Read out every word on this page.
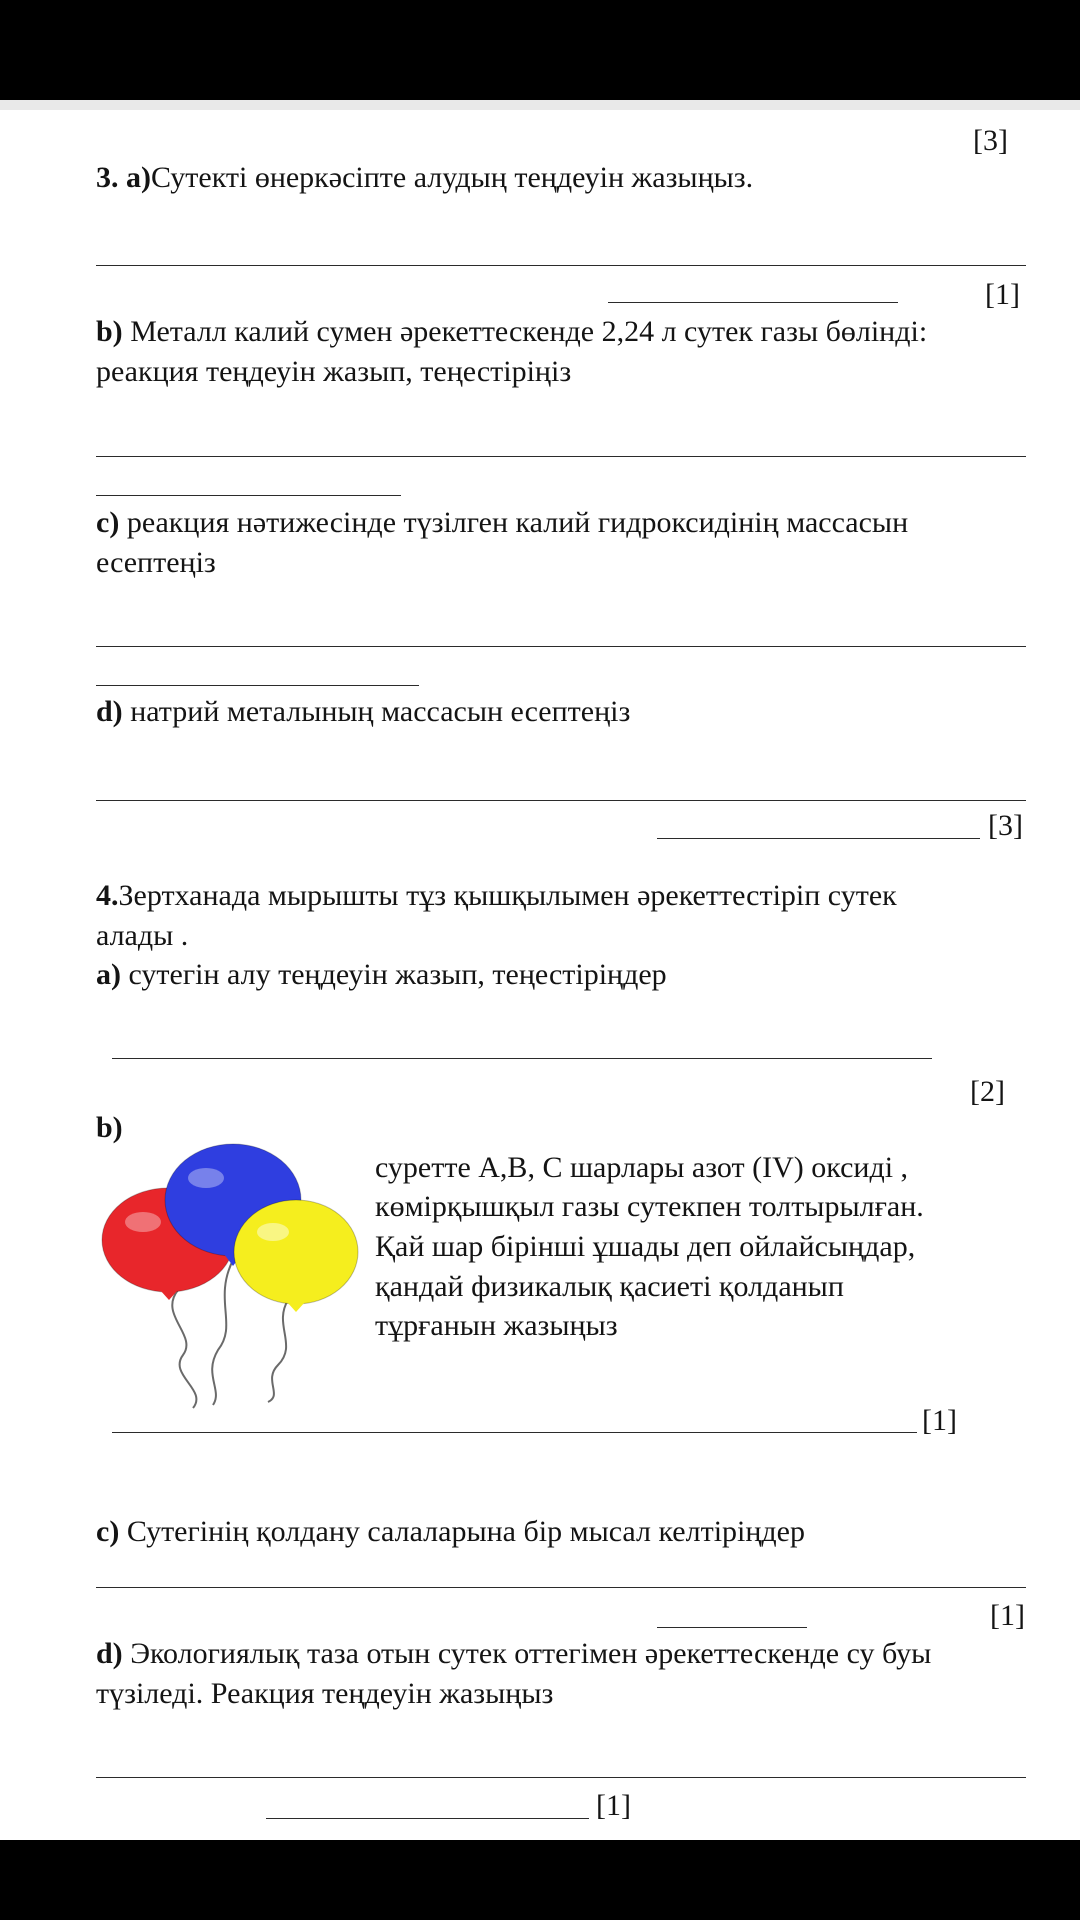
[3]

3. а)Сутекті өнеркәсіпте алудың теңдеуін жазыңыз.

[1]

b) Металл калий сумен әрекеттескенде 2,24 л сутек газы бөлінді:

реакция теңдеуін жазып, теңестіріңіз

c) реакция нәтижесінде түзілген калий гидроксидінің массасын

есептеңіз

d) натрий металының массасын есептеңіз

[3]

4.Зертханада мырышты тұз қышқылымен әрекеттестіріп сутек

алады .

а) сутегін алу теңдеуін жазып, теңестіріңдер

[2]

b)

суретте А,В, С шарлары азот (IV) оксиді ,

көмірқышқыл газы сутекпен толтырылған.

Қай шар бірінші ұшады деп ойлайсыңдар,

қандай физикалық қасиеті қолданып

тұрғанын жазыңыз

[1]

c) Сутегінің қолдану салаларына бір мысал келтіріңдер

[1]

d) Экологиялық таза отын сутек оттегімен әрекеттескенде су буы

түзіледі. Реакция теңдеуін жазыңыз

[1]
